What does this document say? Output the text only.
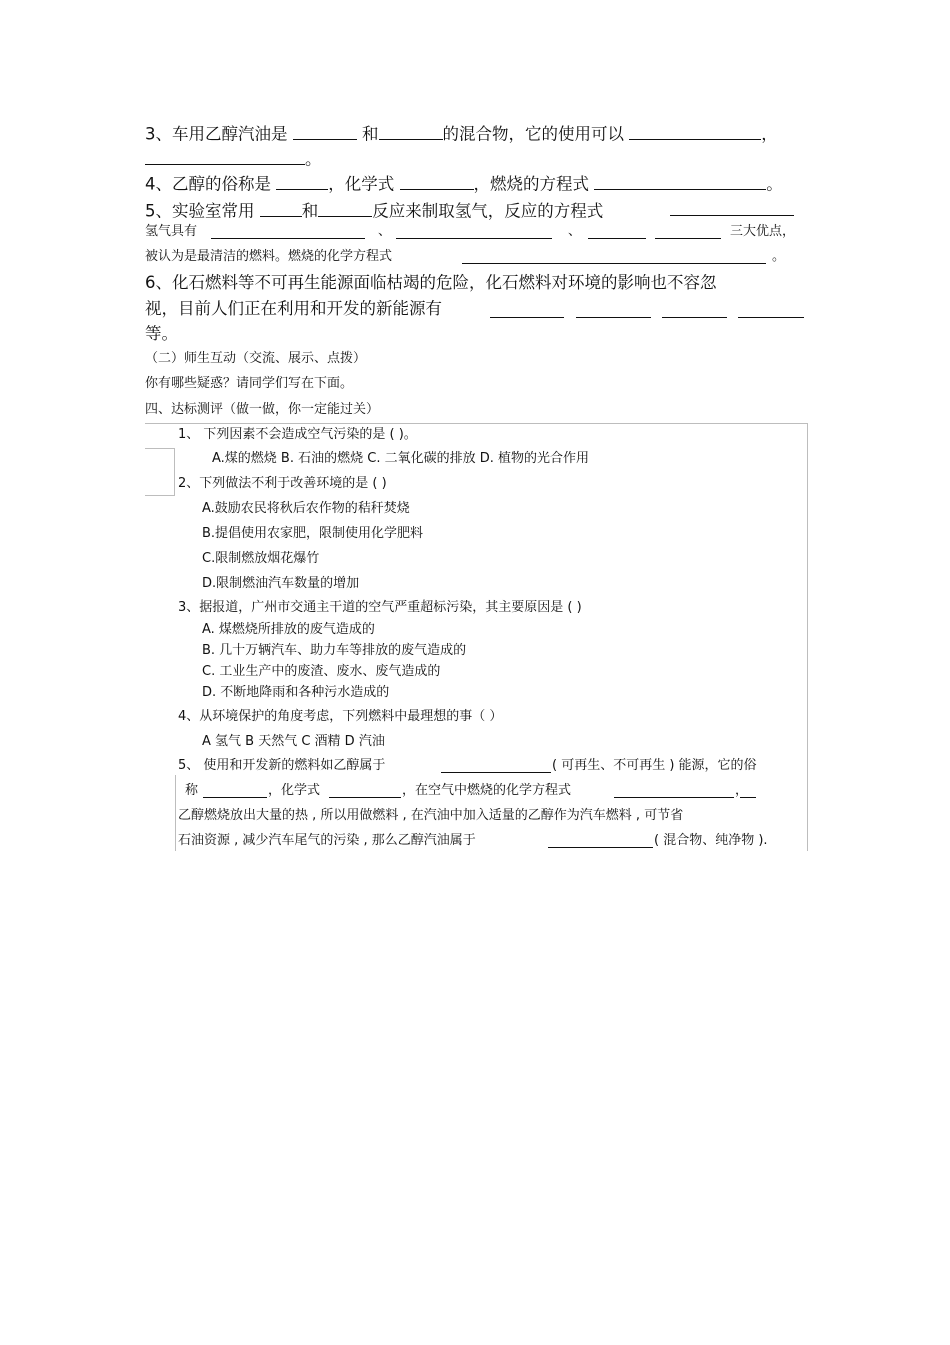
3、车用乙醇汽油是	和	的混合物，它的使用可以	，
。
4、乙醇的俗称是	，化学式	，燃烧的方程式	。
5、实验室常用	和	反应来制取氢气，反应的方程式
氢气具有	、	、	三大优点，
被认为是最清洁的燃料。燃烧的化学方程式	。
6、化石燃料等不可再生能源面临枯竭的危险，化石燃料对环境的影响也不容忽
视，目前人们正在利用和开发的新能源有
等。
（二）师生互动（交流、展示、点拨）
你有哪些疑惑？请同学们写在下面。
四、达标测评（做一做，你一定能过关）
1、 下列因素不会造成空气污染的是 ( )。
A.煤的燃烧 B. 石油的燃烧 C. 二氧化碳的排放 D. 植物的光合作用
2、下列做法不利于改善环境的是 ( )
A.鼓励农民将秋后农作物的秸秆焚烧
B.提倡使用农家肥，限制使用化学肥料
C.限制燃放烟花爆竹
D.限制燃油汽车数量的增加
3、据报道，广州市交通主干道的空气严重超标污染，其主要原因是 ( )
A. 煤燃烧所排放的废气造成的
B. 几十万辆汽车、助力车等排放的废气造成的
C. 工业生产中的废渣、废水、废气造成的
D. 不断地降雨和各种污水造成的
4、从环境保护的角度考虑，下列燃料中最理想的事（ ）
A 氢气 B 天然气 C 酒精 D 汽油
5、 使用和开发新的燃料如乙醇属于	( 可再生、不可再生 ) 能源，它的俗
称	，化学式	，在空气中燃烧的化学方程式	，
乙醇燃烧放出大量的热 , 所以用做燃料 , 在汽油中加入适量的乙醇作为汽车燃料 , 可节省
石油资源 , 减少汽车尾气的污染 , 那么乙醇汽油属于	( 混合物、纯净物 ).
